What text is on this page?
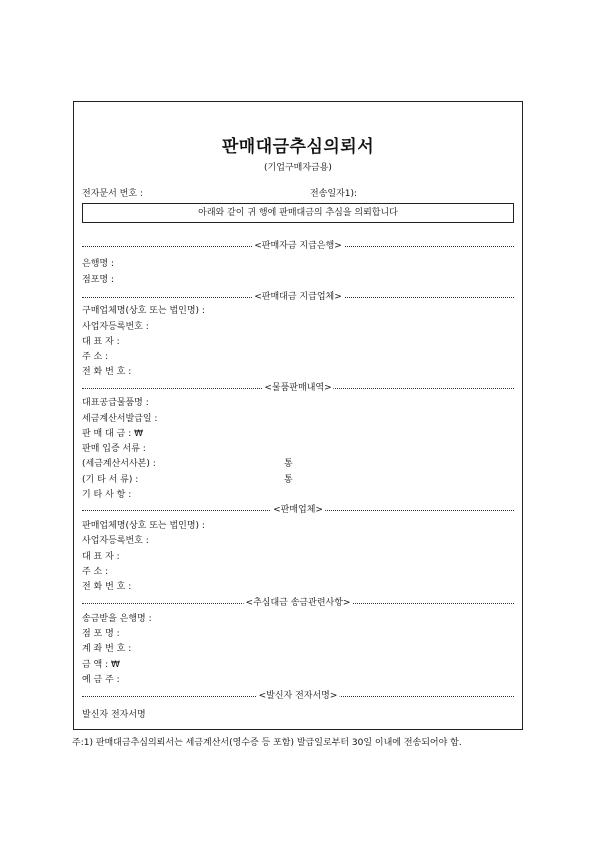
판매대금추심의뢰서
(기업구매자금용)
전자문서 번호 :	전송일자1):
아래와 같이 귀 행에 판매대금의 추심을 의뢰합니다
<판매자금 지급은행>
은행명 :
점포명 :
<판매대금 지급업체>
구매업체명(상호 또는 법인명) :
사업자등록번호 :
대 표 자 :
주 소 :
전 화 번 호 :
<물품판매내역>
대표공급물품명 :
세금계산서발급일 :
판 매 대 금 : ₩
판매 입증 서류 :
(세금계산서사본) :	통
(기 타 서 류) :	통
기 타 사 항 :
<판매업체>
판매업체명(상호 또는 법인명) :
사업자등록번호 :
대 표 자 :
주 소 :
전 화 번 호 :
<추심대금 송금관련사항>
송금받을 은행명 :
점 포 명 :
계 좌 번 호 :
금 액 : ₩
예 금 주 :
<발신자 전자서명>
발신자 전자서명
주:1) 판매대금추심의뢰서는 세금계산서(영수증 등 포함) 발급일로부터 30일 이내에 전송되어야 함.
